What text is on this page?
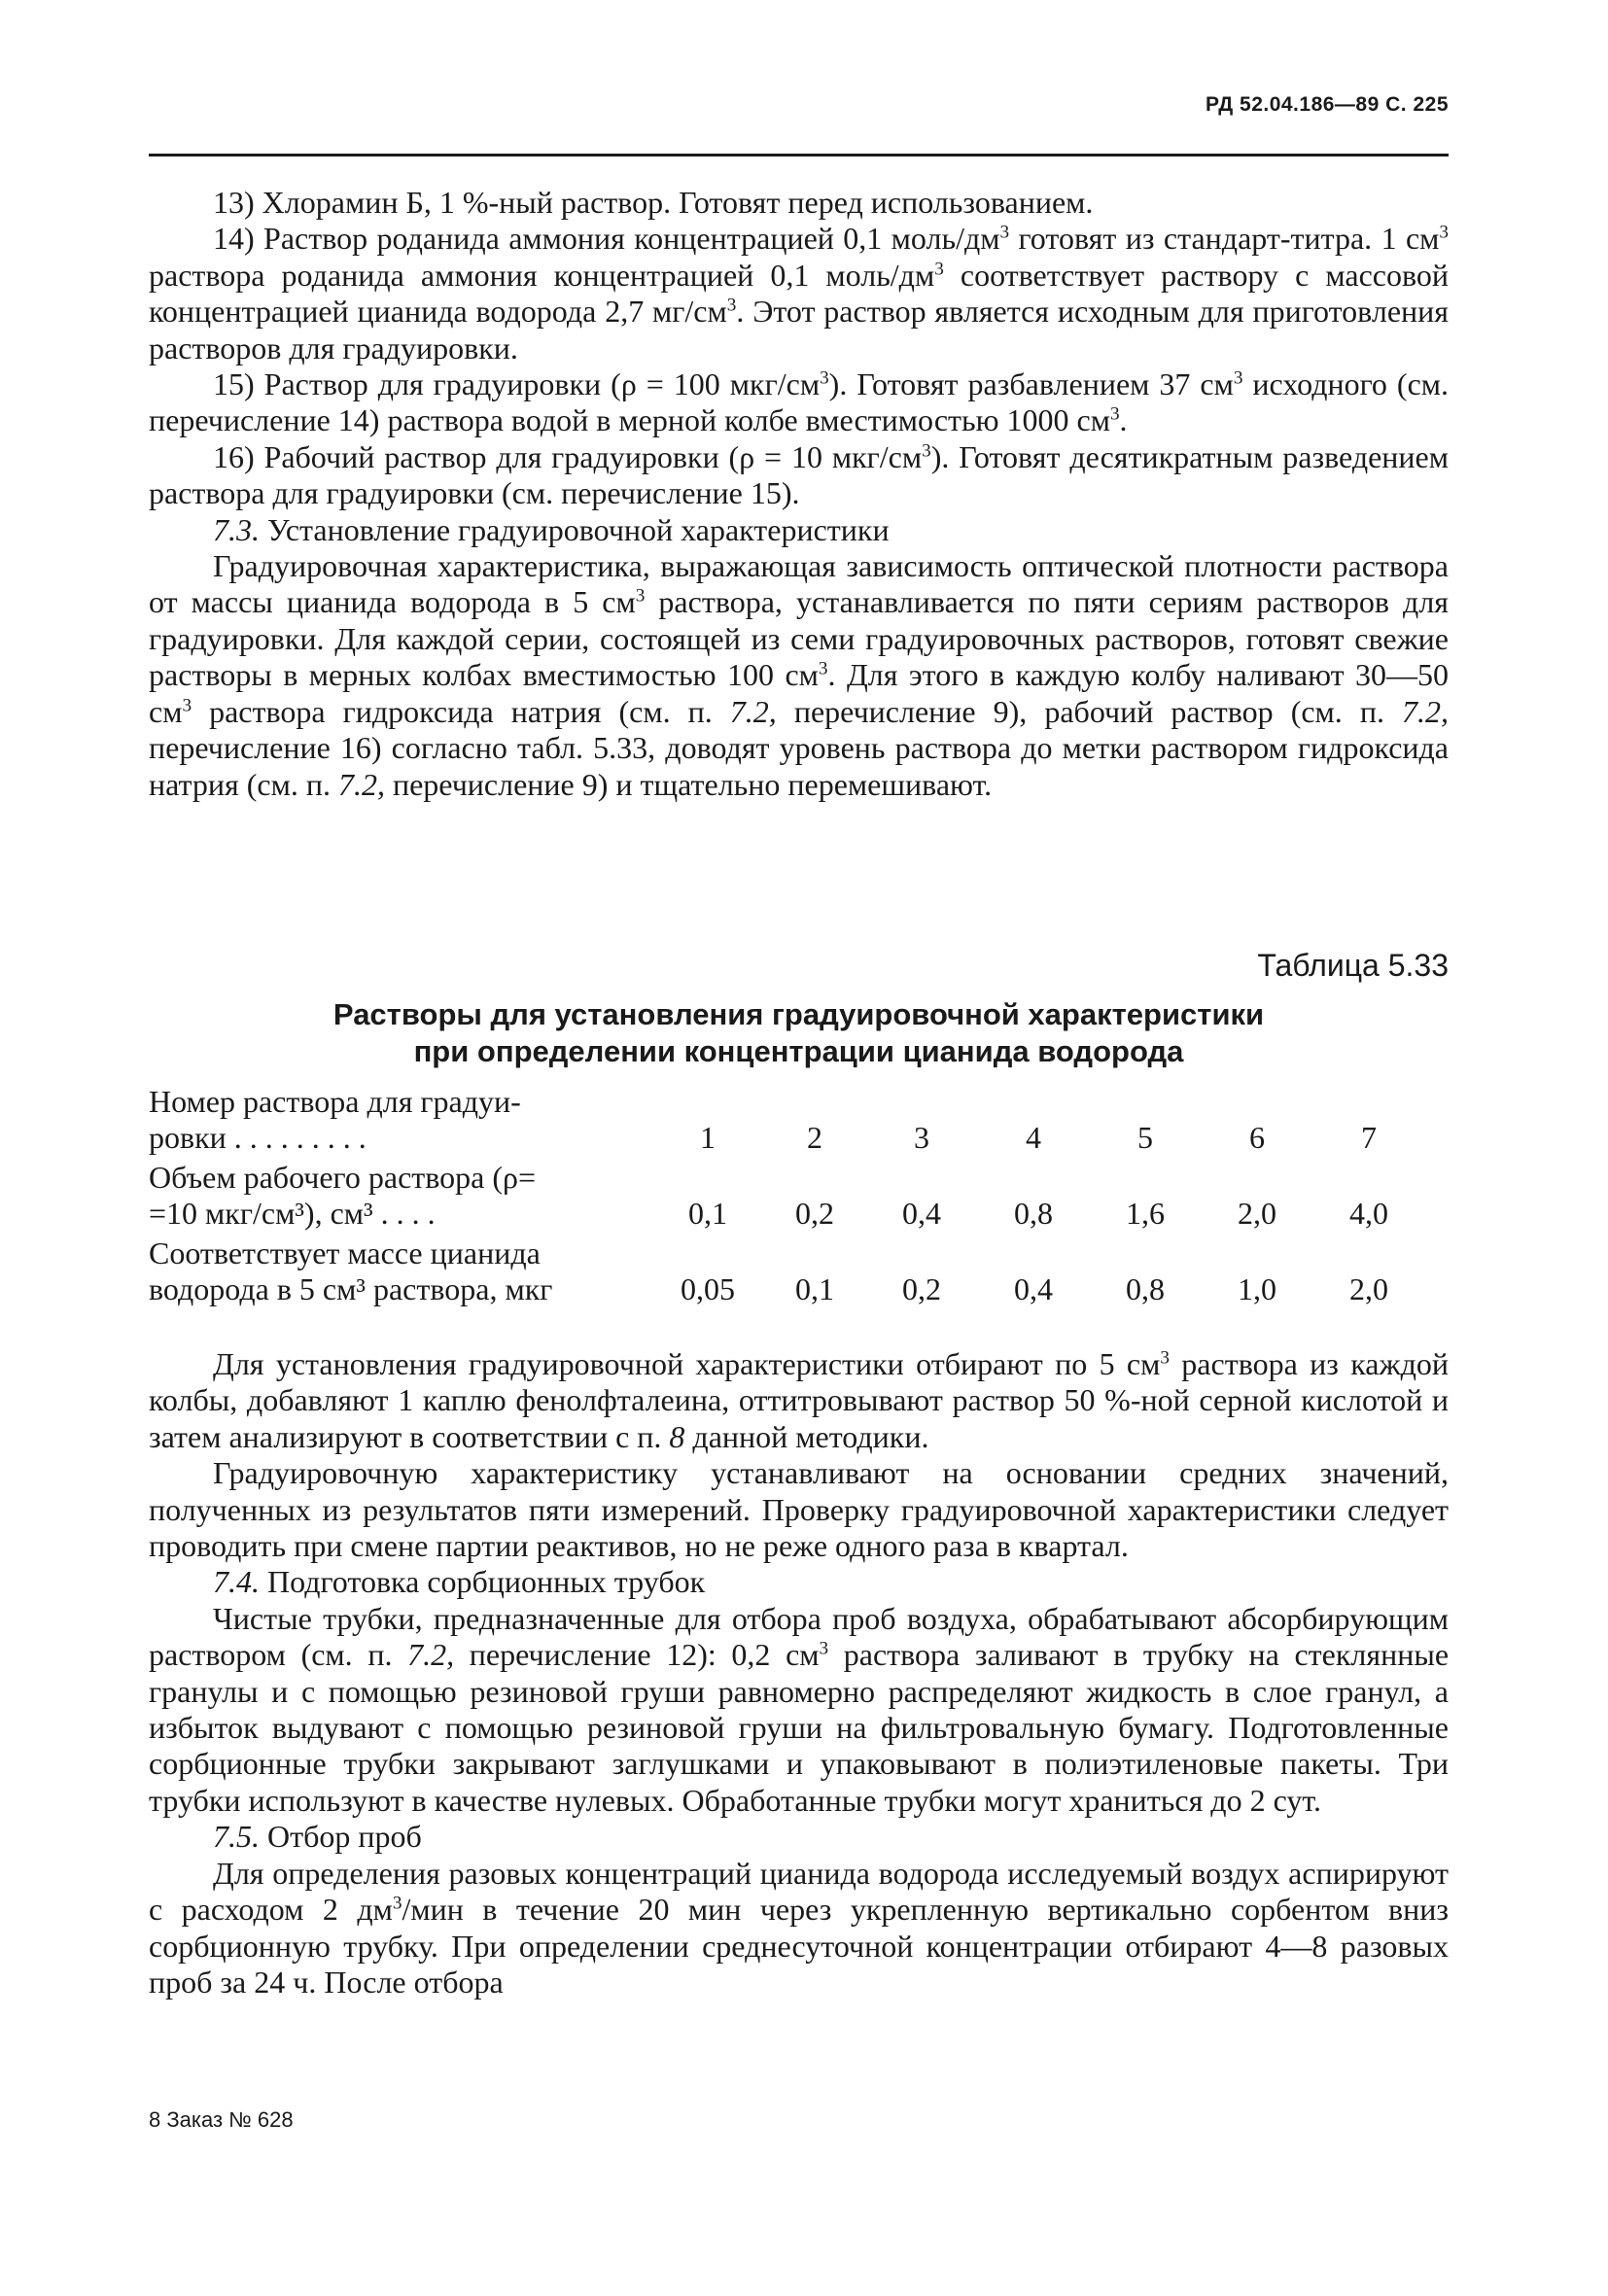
РД 52.04.186—89 С. 225

13) Хлорамин Б, 1 %-ный раствор. Готовят перед использованием.

14) Раствор роданида аммония концентрацией 0,1 моль/$дм^3$ готовят из стандарт-титра. 1 $см^3$ раствора роданида аммония концентрацией 0,1 моль/$дм^3$ соответствует раствору с массовой концентрацией цианида водорода 2,7 $мг/см^3$. Этот раствор является исходным для приготовления растворов для градуировки.

15) Раствор для градуировки (ρ = 100 мкг/$см^3$). Готовят разбавлением 37 $см^3$ исходного (см. перечисление 14) раствора водой в мерной колбе вместимостью 1000 $см^3$.

16) Рабочий раствор для градуировки (ρ = 10 мкг/$см^3$). Готовят десятикратным разведением раствора для градуировки (см. перечисление 15).

7.3. Установление градуировочной характеристики

Градуировочная характеристика, выражающая зависимость оптической плотности раствора от массы цианида водорода в 5 $см^3$ раствора, устанавливается по пяти сериям растворов для градуировки. Для каждой серии, состоящей из семи градуировочных растворов, готовят свежие растворы в мерных колбах вместимостью 100 $см^3$. Для этого в каждую колбу наливают 30—50 $см^3$ раствора гидроксида натрия (см. п. 7.2, перечисление 9), рабочий раствор (см. п. 7.2, перечисление 16) согласно табл. 5.33, доводят уровень раствора до метки раствором гидроксида натрия (см. п. 7.2, перечисление 9) и тщательно перемешивают.

Таблица 5.33
Растворы для установления градуировочной характеристики
при определении концентрации цианида водорода
Номер раствора для градуи-
ровки . . . . . . . . .	1	2	3	4	5	6	7
Объем рабочего раствора (ρ=
=10 мкг/см³), см³ . . . .	0,1	0,2	0,4	0,8	1,6	2,0	4,0
Соответствует массе цианида
водорода в 5 см³ раствора, мкг	0,05	0,1	0,2	0,4	0,8	1,0	2,0

Для установления градуировочной характеристики отбирают по 5 $см^3$ раствора из каждой колбы, добавляют 1 каплю фенолфталеина, оттитровывают раствор 50 %-ной серной кислотой и затем анализируют в соответствии с п. 8 данной методики.

Градуировочную характеристику устанавливают на основании средних значений, полученных из результатов пяти измерений. Проверку градуировочной характеристики следует проводить при смене партии реактивов, но не реже одного раза в квартал.

7.4. Подготовка сорбционных трубок

Чистые трубки, предназначенные для отбора проб воздуха, обрабатывают абсорбирующим раствором (см. п. 7.2, перечисление 12): 0,2 $см^3$ раствора заливают в трубку на стеклянные гранулы и с помощью резиновой груши равномерно распределяют жидкость в слое гранул, а избыток выдувают с помощью резиновой груши на фильтровальную бумагу. Подготовленные сорбционные трубки закрывают заглушками и упаковывают в полиэтиленовые пакеты. Три трубки используют в качестве нулевых. Обработанные трубки могут храниться до 2 сут.

7.5. Отбор проб

Для определения разовых концентраций цианида водорода исследуемый воздух аспирируют с расходом 2 $дм^3$/мин в течение 20 мин через укрепленную вертикально сорбентом вниз сорбционную трубку. При определении среднесуточной концентрации отбирают 4—8 разовых проб за 24 ч. После отбора

8 Заказ № 628
